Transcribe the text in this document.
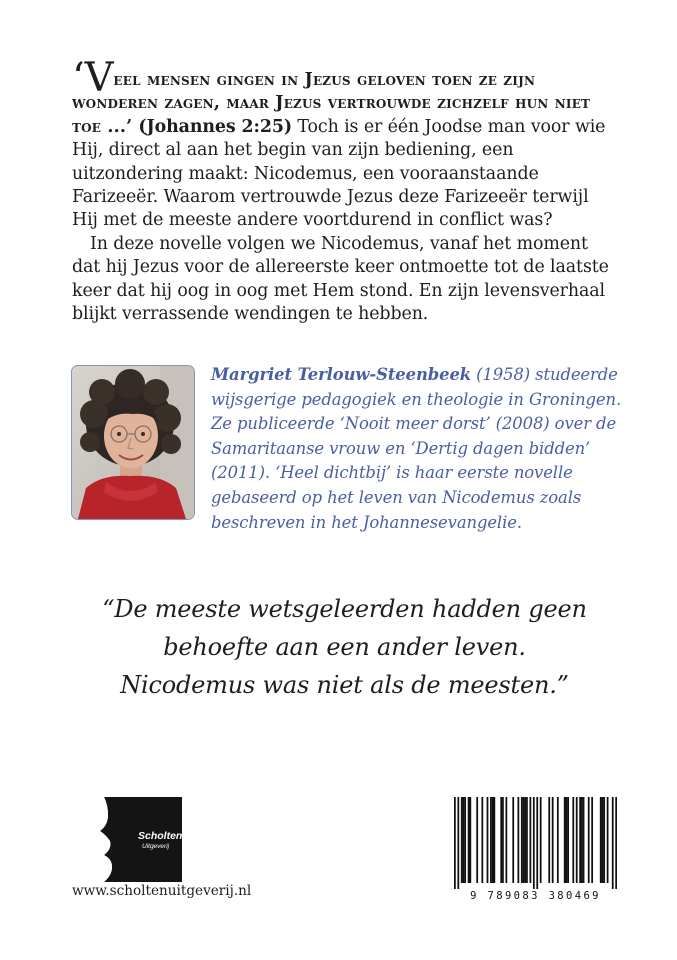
‘Veel mensen gingen in Jezus geloven toen ze zijn wonderen zagen, maar Jezus vertrouwde zichzelf hun niet toe ...’ (Johannes 2:25) Toch is er één Joodse man voor wie Hij, direct al aan het begin van zijn bediening, een uitzondering maakt: Nicodemus, een vooraanstaande Farizeeër. Waarom vertrouwde Jezus deze Farizeeër terwijl Hij met de meeste andere voortdurend in conflict was?

In deze novelle volgen we Nicodemus, vanaf het moment dat hij Jezus voor de allereerste keer ontmoette tot de laatste keer dat hij oog in oog met Hem stond. En zijn levensverhaal blijkt verrassende wendingen te hebben.

Margriet Terlouw-Steenbeek (1958) studeerde wijsgerige pedagogiek en theologie in Groningen. Ze publiceerde ‘Nooit meer dorst’ (2008) over de Samaritaanse vrouw en ‘Dertig dagen bidden’ (2011). ‘Heel dichtbij’ is haar eerste novelle gebaseerd op het leven van Nicodemus zoals beschreven in het Johannesevangelie.
“De meeste wetsgeleerden hadden geen
behoefte aan een ander leven.
Nicodemus was niet als de meesten.”
Scholten
Uitgeverij
www.scholtenuitgeverij.nl	9 789083 380469
